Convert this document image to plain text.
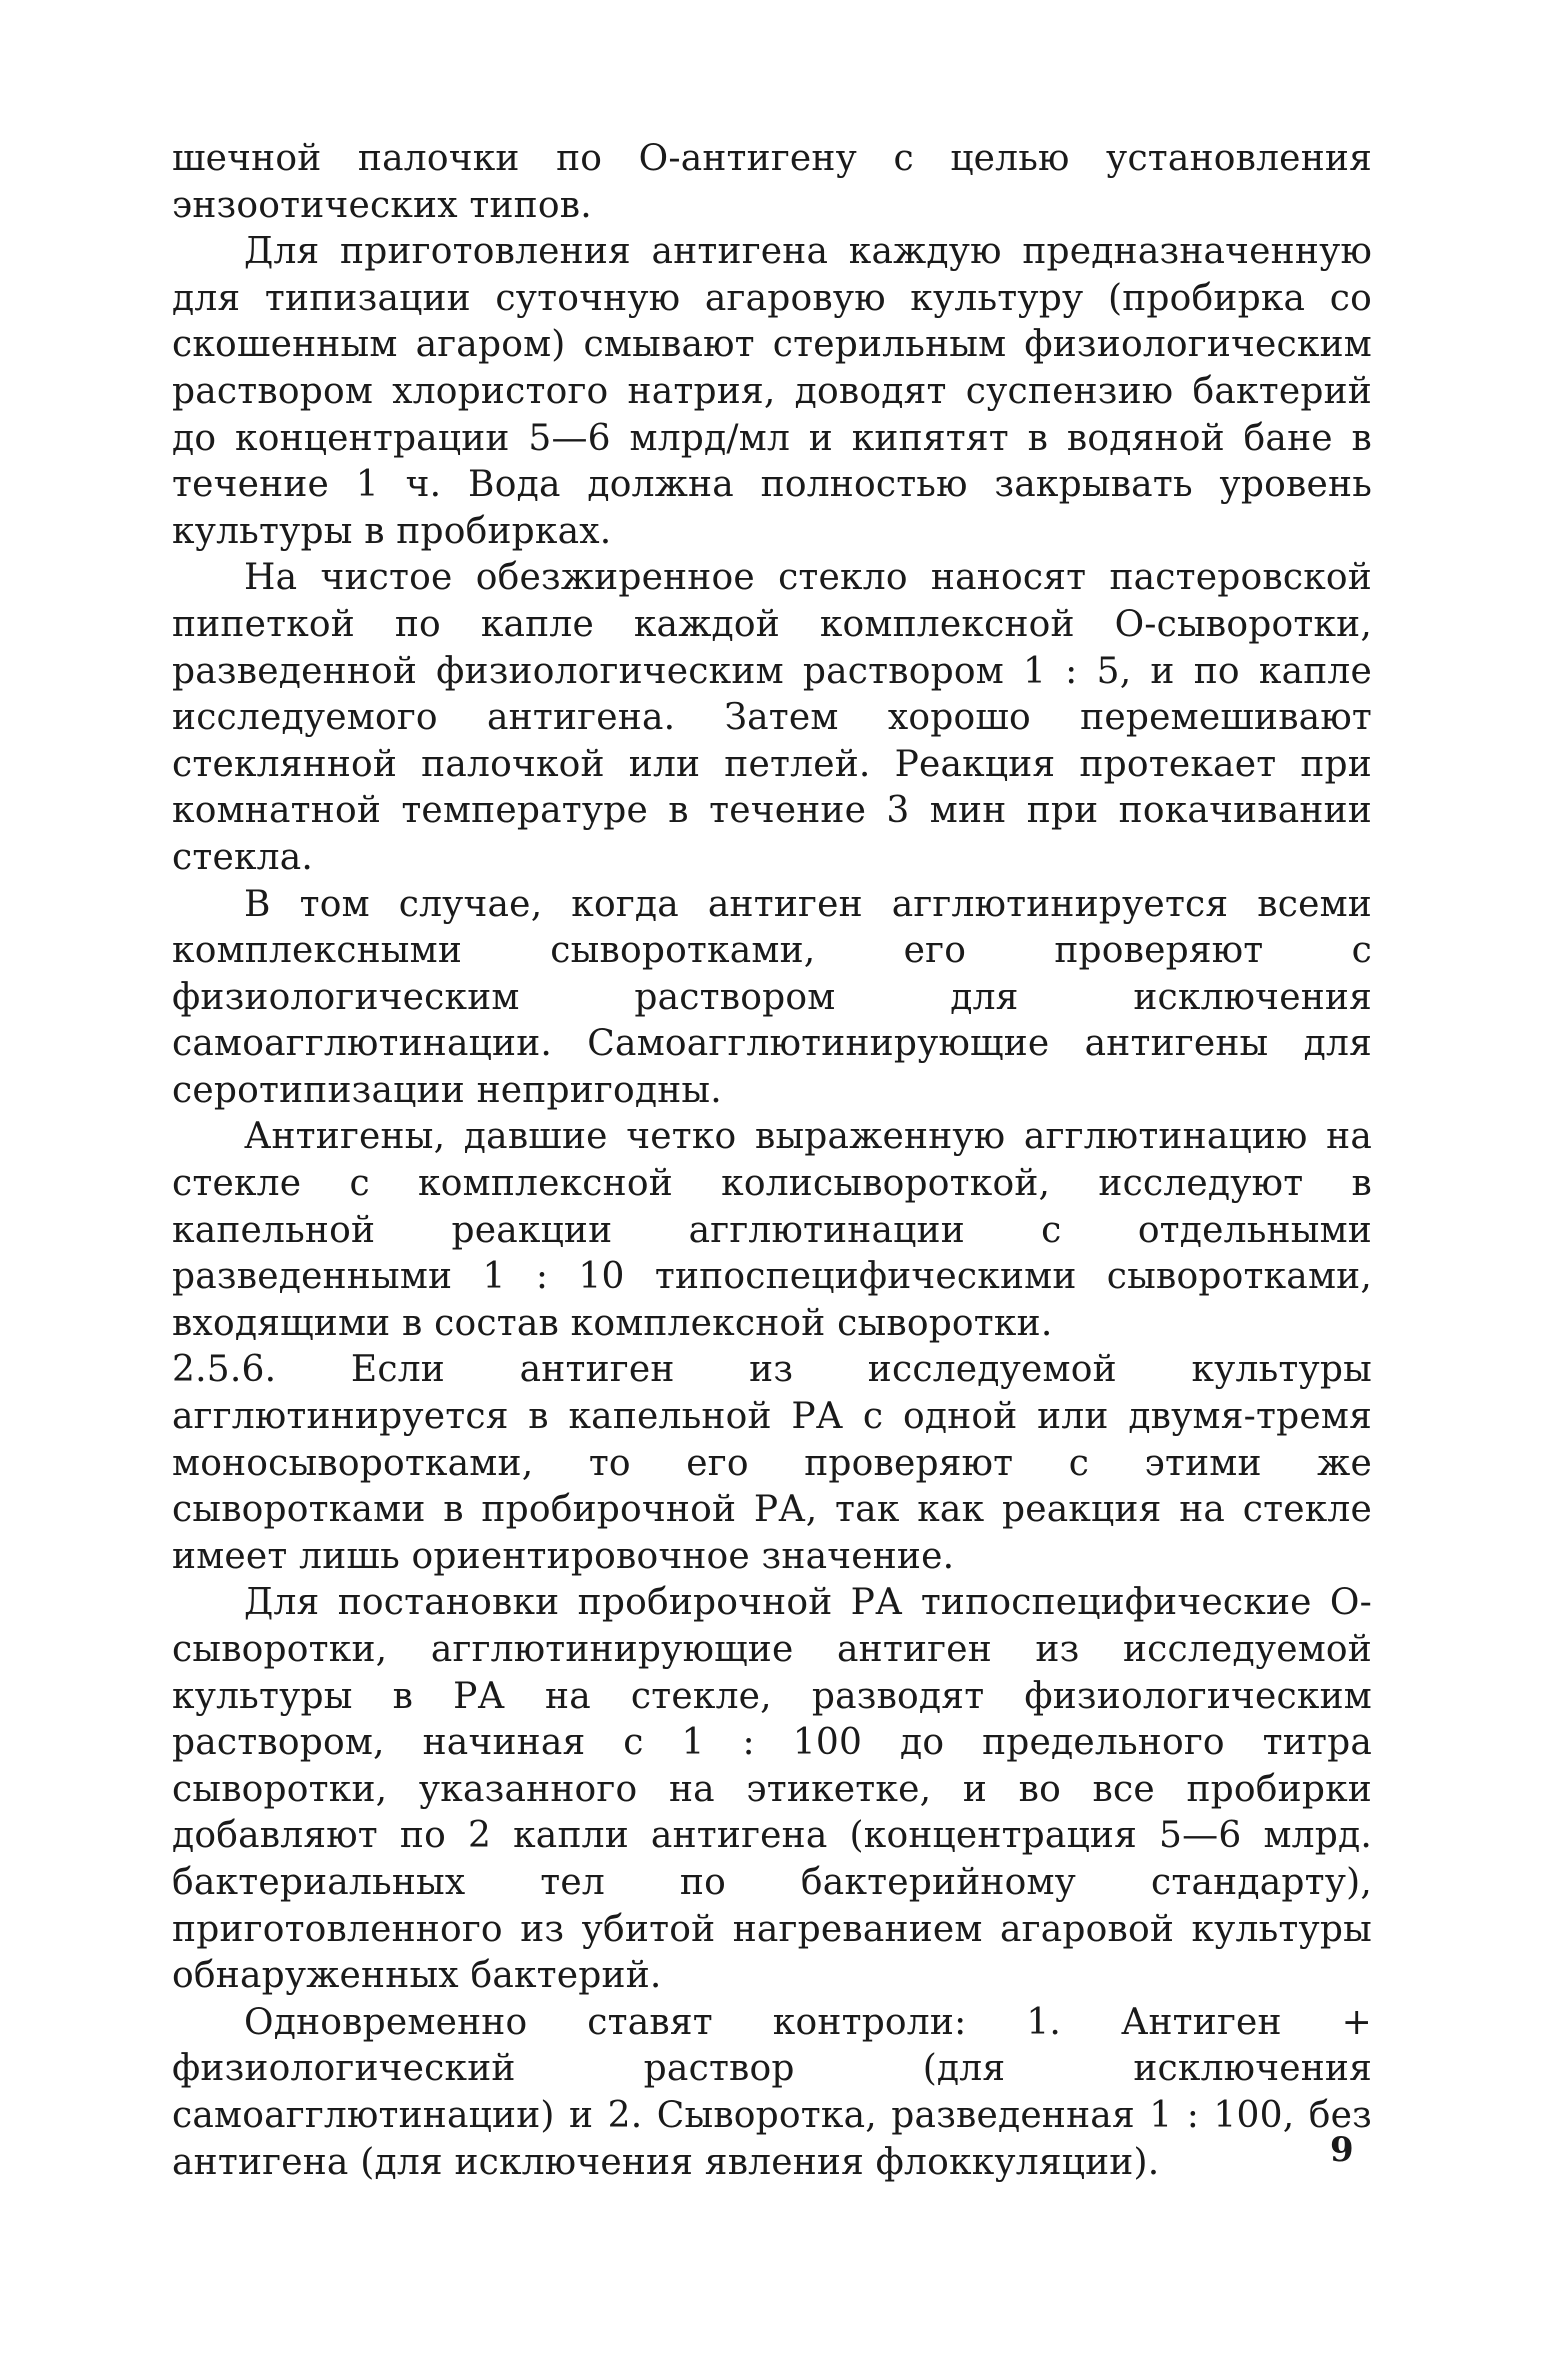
шечной палочки по О-антигену с целью установления энзоотических типов.

Для приготовления антигена каждую предназначенную для типизации суточную агаровую культуру (пробирка со скошенным агаром) смывают стерильным физиологическим раствором хлористого натрия, доводят суспензию бактерий до концентрации 5—6 млрд/мл и кипятят в водяной бане в течение 1 ч. Вода должна полностью закрывать уровень культуры в пробирках.

На чистое обезжиренное стекло наносят пастеровской пипеткой по капле каждой комплексной О-сыворотки, разведенной физиологическим раствором 1 : 5, и по капле исследуемого антигена. Затем хорошо перемешивают стеклянной палочкой или петлей. Реакция протекает при комнатной температуре в течение 3 мин при покачивании стекла.

В том случае, когда антиген агглютинируется всеми комплексными сыворотками, его проверяют с физиологическим раствором для исключения самоагглютинации. Самоагглютинирующие антигены для серотипизации непригодны.

Антигены, давшие четко выраженную агглютинацию на стекле с комплексной колисывороткой, исследуют в капельной реакции агглютинации с отдельными разведенными 1 : 10 типоспецифическими сыворотками, входящими в состав комплексной сыворотки.

2.5.6. Если антиген из исследуемой культуры агглютинируется в капельной РА с одной или двумя-тремя моносыворотками, то его проверяют с этими же сыворотками в пробирочной РА, так как реакция на стекле имеет лишь ориентировочное значение.

Для постановки пробирочной РА типоспецифические О-сыворотки, агглютинирующие антиген из исследуемой культуры в РА на стекле, разводят физиологическим раствором, начиная с 1 : 100 до предельного титра сыворотки, указанного на этикетке, и во все пробирки добавляют по 2 капли антигена (концентрация 5—6 млрд. бактериальных тел по бактерийному стандарту), приготовленного из убитой нагреванием агаровой культуры обнаруженных бактерий.

Одновременно ставят контроли: 1. Антиген + физиологический раствор (для исключения самоагглютинации) и 2. Сыворотка, разведенная 1 : 100, без антигена (для исключения явления флоккуляции).	9
